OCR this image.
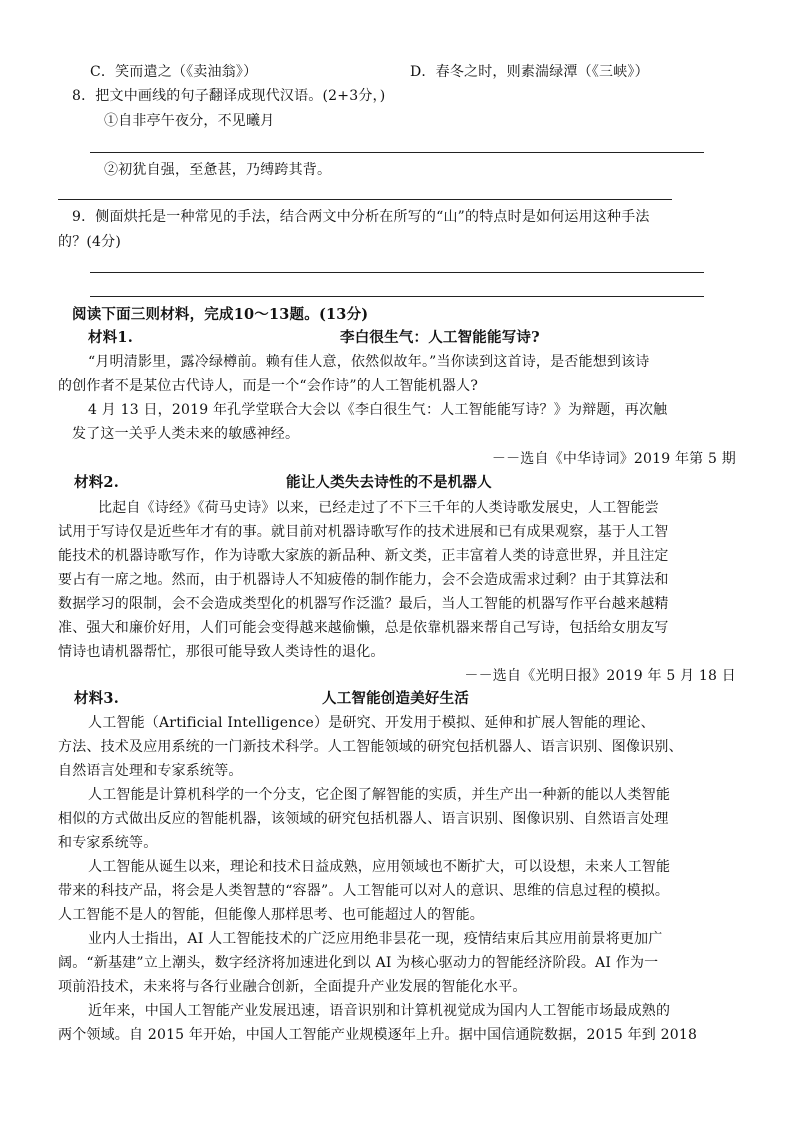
C．笑而遣之（《卖油翁》）	D．春冬之时，则素湍绿潭（《三峡》）
8．把文中画线的句子翻译成现代汉语。(2+3分，)
①自非亭午夜分，不见曦月
②初犹自强，至惫甚，乃缚跨其背。
9．侧面烘托是一种常见的手法，结合两文中分析在所写的“山”的特点时是如何运用这种手法
的？(4分)
阅读下面三则材料，完成10～13题。(13分)
材料1.	李白很生气：人工智能能写诗?
“月明清影里，露冷绿樽前。赖有佳人意，依然似故年。”当你读到这首诗，是否能想到该诗
的创作者不是某位古代诗人，而是一个“会作诗”的人工智能机器人?
4 月 13 日，2019 年孔学堂联合大会以《李白很生气：人工智能能写诗？》为辩题，再次触
发了这一关乎人类未来的敏感神经。
－－选自《中华诗词》2019 年第 5 期
材料2.	能让人类失去诗性的不是机器人
比起自《诗经》《荷马史诗》以来，已经走过了不下三千年的人类诗歌发展史，人工智能尝
试用于写诗仅是近些年才有的事。就目前对机器诗歌写作的技术进展和已有成果观察，基于人工智
能技术的机器诗歌写作，作为诗歌大家族的新品种、新文类，正丰富着人类的诗意世界，并且注定
要占有一席之地。然而，由于机器诗人不知疲倦的制作能力，会不会造成需求过剩？由于其算法和
数据学习的限制，会不会造成类型化的机器写作泛滥？最后，当人工智能的机器写作平台越来越精
准、强大和廉价好用，人们可能会变得越来越偷懒，总是依靠机器来帮自己写诗，包括给女朋友写
情诗也请机器帮忙，那很可能导致人类诗性的退化。
－－选自《光明日报》2019 年 5 月 18 日
材料3.	人工智能创造美好生活
人工智能（Artificial Intelligence）是研究、开发用于模拟、延伸和扩展人智能的理论、
方法、技术及应用系统的一门新技术科学。人工智能领域的研究包括机器人、语言识别、图像识别、
自然语言处理和专家系统等。
人工智能是计算机科学的一个分支，它企图了解智能的实质，并生产出一种新的能以人类智能
相似的方式做出反应的智能机器，该领域的研究包括机器人、语言识别、图像识别、自然语言处理
和专家系统等。
人工智能从诞生以来，理论和技术日益成熟，应用领域也不断扩大，可以设想，未来人工智能
带来的科技产品，将会是人类智慧的“容器”。人工智能可以对人的意识、思维的信息过程的模拟。
人工智能不是人的智能，但能像人那样思考、也可能超过人的智能。
业内人士指出，AI 人工智能技术的广泛应用绝非昙花一现，疫情结束后其应用前景将更加广
阔。“新基建”立上潮头，数字经济将加速进化到以 AI 为核心驱动力的智能经济阶段。AI 作为一
项前沿技术，未来将与各行业融合创新，全面提升产业发展的智能化水平。
近年来，中国人工智能产业发展迅速，语音识别和计算机视觉成为国内人工智能市场最成熟的
两个领域。自 2015 年开始，中国人工智能产业规模逐年上升。据中国信通院数据，2015 年到 2018
